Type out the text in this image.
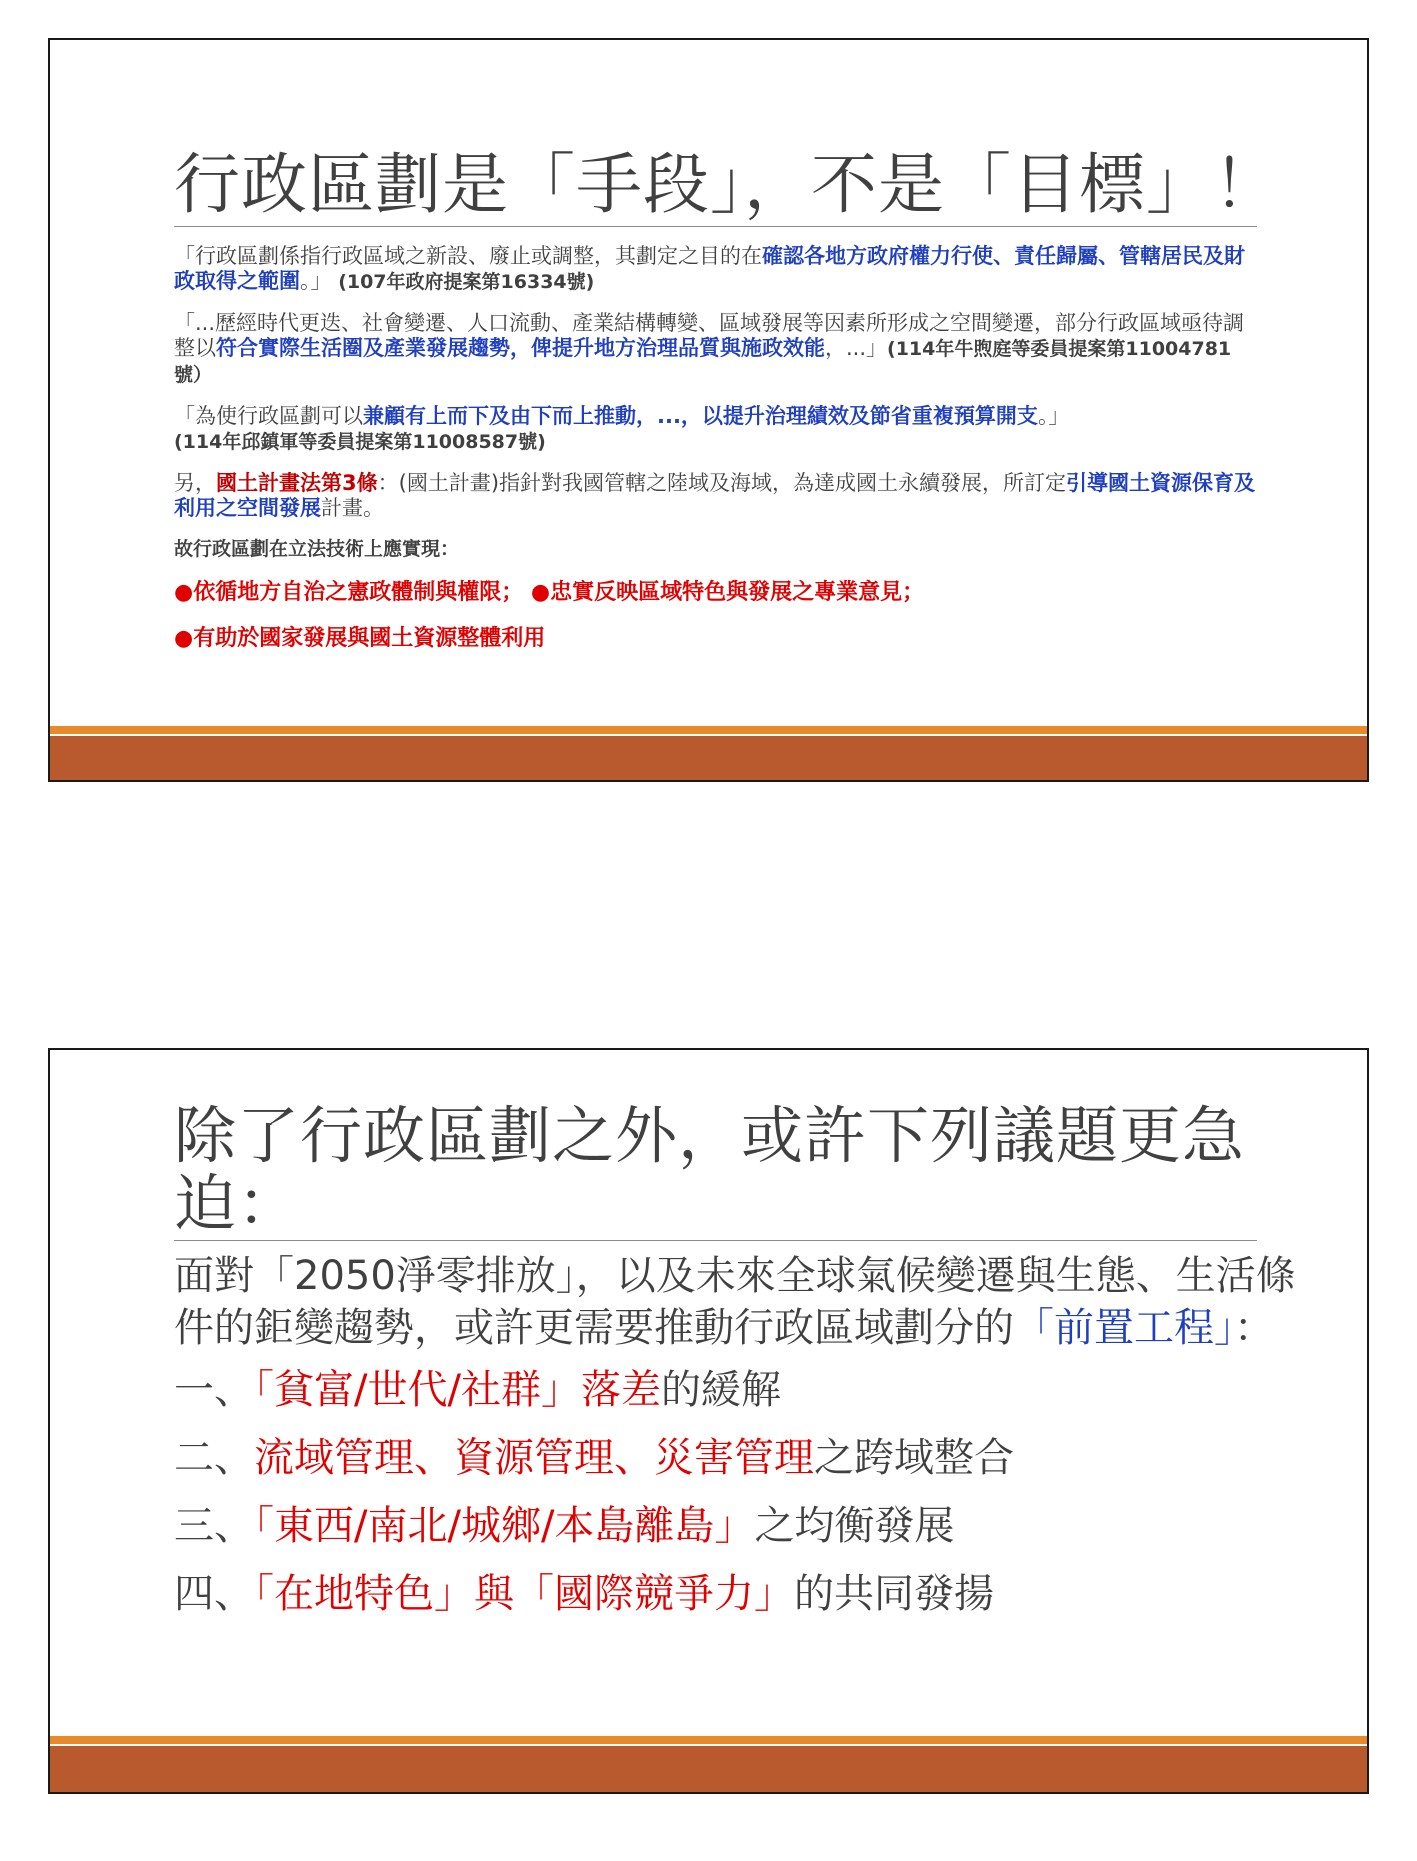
行政區劃是「手段」，不是「目標」！

「行政區劃係指行政區域之新設、廢止或調整，其劃定之目的在確認各地方政府權力行使、責任歸屬、管轄居民及財政取得之範圍。」 (107年政府提案第16334號)

「...歷經時代更迭、社會變遷、人口流動、產業結構轉變、區域發展等因素所形成之空間變遷，部分行政區域亟待調整以符合實際生活圈及產業發展趨勢，俾提升地方治理品質與施政效能，...」(114年牛煦庭等委員提案第11004781號）

「為使行政區劃可以兼顧有上而下及由下而上推動，...，以提升治理績效及節省重複預算開支。」
(114年邱鎮軍等委員提案第11008587號)

另，國土計畫法第3條：(國土計畫)指針對我國管轄之陸域及海域，為達成國土永續發展，所訂定引導國土資源保育及利用之空間發展計畫。

故行政區劃在立法技術上應實現：

●依循地方自治之憲政體制與權限； ●忠實反映區域特色與發展之專業意見；

●有助於國家發展與國土資源整體利用

除了行政區劃之外，或許下列議題更急迫：

面對「2050淨零排放」，以及未來全球氣候變遷與生態、生活條件的鉅變趨勢，或許更需要推動行政區域劃分的「前置工程」：

一、「貧富/世代/社群」落差的緩解
二、流域管理、資源管理、災害管理之跨域整合
三、「東西/南北/城鄉/本島離島」之均衡發展
四、「在地特色」與「國際競爭力」的共同發揚
